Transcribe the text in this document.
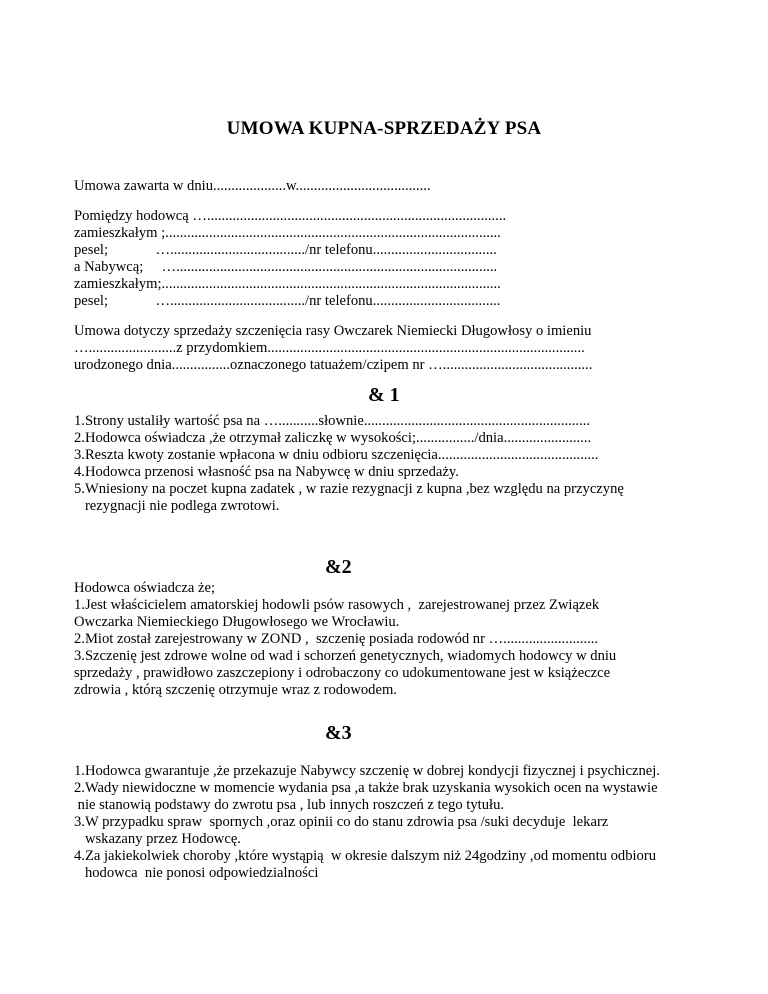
UMOWA KUPNA-SPRZEDAŻY PSA
Umowa zawarta w dniu....................w.....................................
Pomiędzy hodowcą …..................................................................................
zamieszkałym ;............................................................................................
pesel;             …...................................../nr telefonu..................................
a Nabywcą;     …........................................................................................
zamieszkałym;.............................................................................................
pesel;             …...................................../nr telefonu...................................
Umowa dotyczy sprzedaży szczenięcia rasy Owczarek Niemiecki Długowłosy o imieniu
…........................z przydomkiem.......................................................................................
urodzonego dnia................oznaczonego tatuażem/czipem nr ….........................................
& 1
1.Strony ustaliły wartość psa na …...........słownie..............................................................
2.Hodowca oświadcza ,że otrzymał zaliczkę w wysokości;................/dnia........................
3.Reszta kwoty zostanie wpłacona w dniu odbioru szczenięcia............................................
4.Hodowca przenosi własność psa na Nabywcę w dniu sprzedaży.
5.Wniesiony na poczet kupna zadatek , w razie rezygnacji z kupna ,bez względu na przyczynę
rezygnacji nie podlega zwrotowi.
&2
Hodowca oświadcza że;
1.Jest właścicielem amatorskiej hodowli psów rasowych ,  zarejestrowanej przez Związek
Owczarka Niemieckiego Długowłosego we Wrocławiu.
2.Miot został zarejestrowany w ZOND ,  szczenię posiada rodowód nr …..........................
3.Szczenię jest zdrowe wolne od wad i schorzeń genetycznych, wiadomych hodowcy w dniu
sprzedaży , prawidłowo zaszczepiony i odrobaczony co udokumentowane jest w książeczce
zdrowia , którą szczenię otrzymuje wraz z rodowodem.
&3
1.Hodowca gwarantuje ,że przekazuje Nabywcy szczenię w dobrej kondycji fizycznej i psychicznej.
2.Wady niewidoczne w momencie wydania psa ,a także brak uzyskania wysokich ocen na wystawie
nie stanowią podstawy do zwrotu psa , lub innych roszczeń z tego tytułu.
3.W przypadku spraw  spornych ,oraz opinii co do stanu zdrowia psa /suki decyduje  lekarz
wskazany przez Hodowcę.
4.Za jakiekolwiek choroby ,które wystąpią  w okresie dalszym niż 24godziny ,od momentu odbioru
hodowca  nie ponosi odpowiedzialności
